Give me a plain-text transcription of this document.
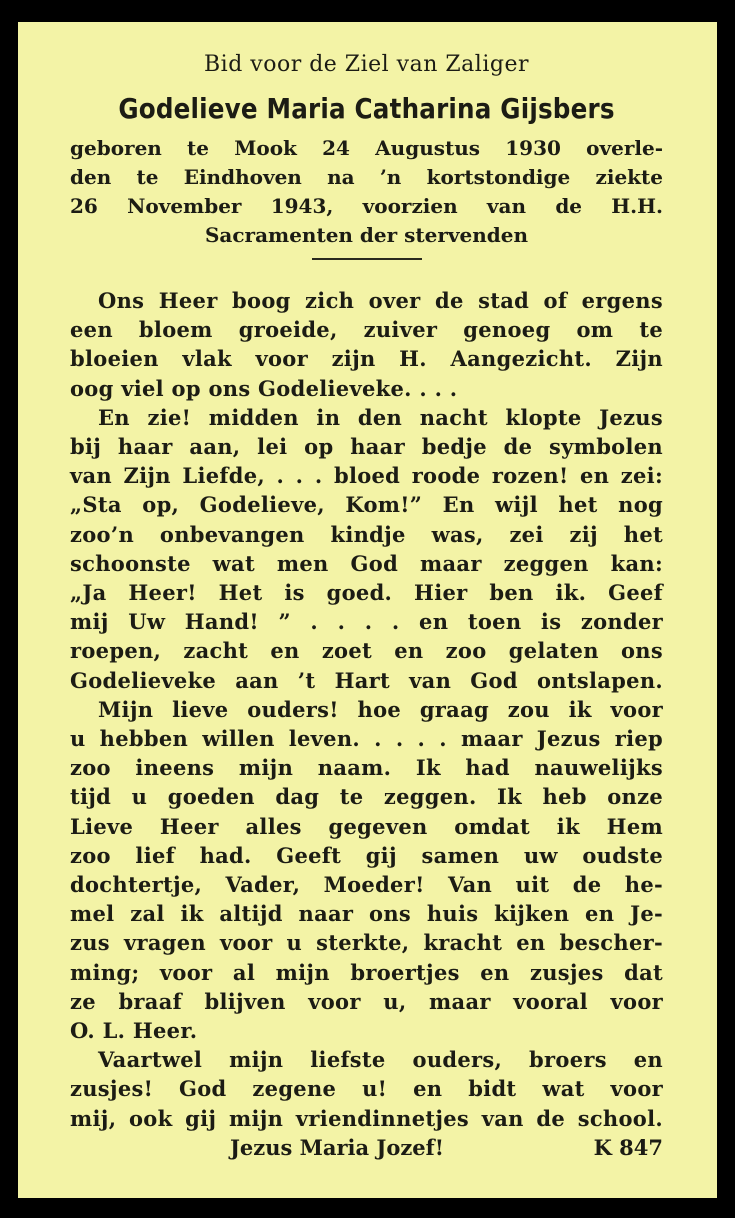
Bid voor de Ziel van Zaliger

Godelieve Maria Catharina Gijsbers

geboren te Mook 24 Augustus 1930 overle-
den te Eindhoven na ’n kortstondige ziekte
26 November 1943, voorzien van de H.H.
Sacramenten der stervenden
Ons Heer boog zich over de stad of ergens
een bloem groeide, zuiver genoeg om te
bloeien vlak voor zijn H. Aangezicht. Zijn
oog viel op ons Godelieveke. . . .
En zie! midden in den nacht klopte Jezus
bij haar aan, lei op haar bedje de symbolen
van Zijn Liefde, . . . bloed roode rozen! en zei:
„Sta op, Godelieve, Kom!” En wijl het nog
zoo’n onbevangen kindje was, zei zij het
schoonste wat men God maar zeggen kan:
„Ja Heer! Het is goed. Hier ben ik. Geef
mij Uw Hand! ” . . . . en toen is zonder
roepen, zacht en zoet en zoo gelaten ons
Godelieveke aan ’t Hart van God ontslapen.
Mijn lieve ouders! hoe graag zou ik voor
u hebben willen leven. . . . . maar Jezus riep
zoo ineens mijn naam. Ik had nauwelijks
tijd u goeden dag te zeggen. Ik heb onze
Lieve Heer alles gegeven omdat ik Hem
zoo lief had. Geeft gij samen uw oudste
dochtertje, Vader, Moeder! Van uit de he-
mel zal ik altijd naar ons huis kijken en Je-
zus vragen voor u sterkte, kracht en bescher-
ming; voor al mijn broertjes en zusjes dat
ze braaf blijven voor u, maar vooral voor
O. L. Heer.
Vaartwel mijn liefste ouders, broers en
zusjes! God zegene u! en bidt wat voor
mij, ook gij mijn vriendinnetjes van de school.
Jezus Maria Jozef!	K 847
